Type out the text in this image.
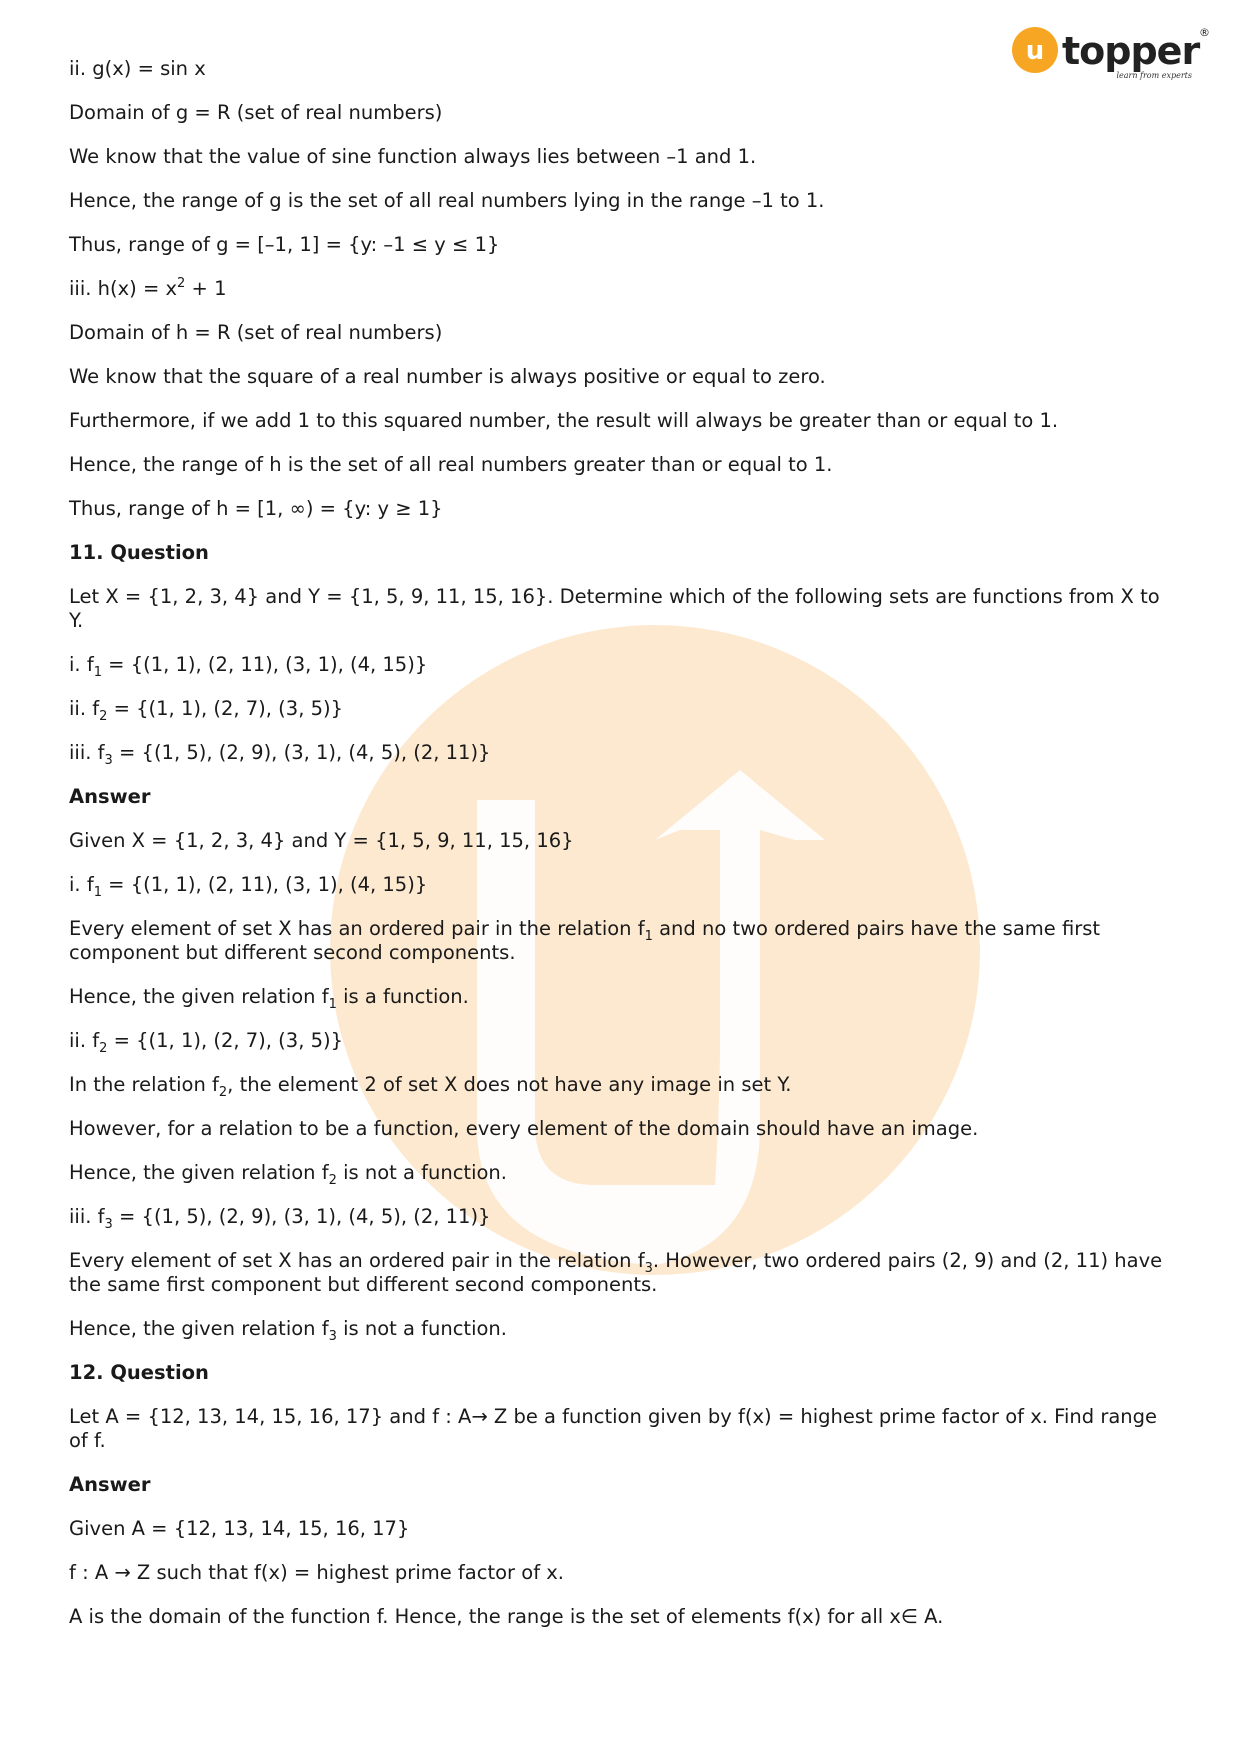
u topper ®
learn from experts

ii. g(x) = sin x

Domain of g = R (set of real numbers)

We know that the value of sine function always lies between –1 and 1.

Hence, the range of g is the set of all real numbers lying in the range –1 to 1.

Thus, range of g = [–1, 1] = {y: –1 ≤ y ≤ 1}

iii. $h(x) = x^2 + 1$

Domain of h = R (set of real numbers)

We know that the square of a real number is always positive or equal to zero.

Furthermore, if we add 1 to this squared number, the result will always be greater than or equal to 1.

Hence, the range of h is the set of all real numbers greater than or equal to 1.

Thus, range of h = [1, ∞) = {y: y ≥ 1}

11. Question

Let X = {1, 2, 3, 4} and Y = {1, 5, 9, 11, 15, 16}. Determine which of the following sets are functions from X to Y.

i. $f_1 = \{(1$, 1), (2, 11), (3, 1), (4, 15)}

ii. $f_2 = \{(1$, 1), (2, 7), (3, 5)}

iii. $f_3 = \{(1$, 5), (2, 9), (3, 1), (4, 5), (2, 11)}

Answer

Given X = {1, 2, 3, 4} and Y = {1, 5, 9, 11, 15, 16}

i. $f_1 = \{(1$, 1), (2, 11), (3, 1), (4, 15)}

Every element of set X has an ordered pair in the relation $f_1$ and no two ordered pairs have the same first component but different second components.

Hence, the given relation $f_1$ is a function.

ii. $f_2 = \{(1$, 1), (2, 7), (3, 5)}

In the relation $f_2$, the element 2 of set X does not have any image in set Y.

However, for a relation to be a function, every element of the domain should have an image.

Hence, the given relation $f_2$ is not a function.

iii. $f_3 = \{(1$, 5), (2, 9), (3, 1), (4, 5), (2, 11)}

Every element of set X has an ordered pair in the relation $f_3$. However, two ordered pairs (2, 9) and (2, 11) have the same first component but different second components.

Hence, the given relation $f_3$ is not a function.

12. Question

Let A = {12, 13, 14, 15, 16, 17} and f : A→ Z be a function given by f(x) = highest prime factor of x. Find range of f.

Answer

Given A = {12, 13, 14, 15, 16, 17}

f : A → Z such that f(x) = highest prime factor of x.

A is the domain of the function f. Hence, the range is the set of elements f(x) for all x∈ A.
